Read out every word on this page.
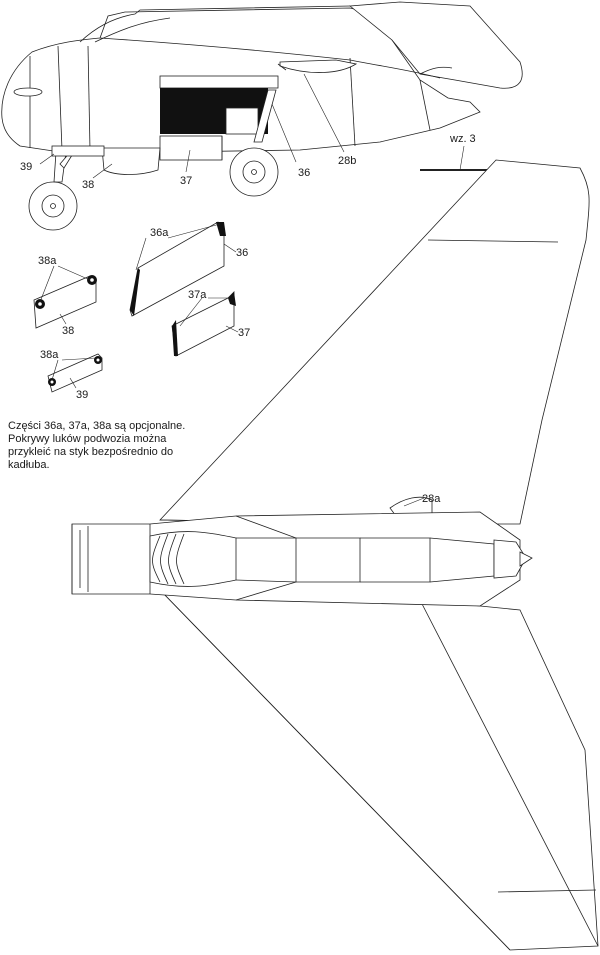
39
38	37
36
28b
wz. 3
36a
36
38a
38
37a
37
38a
39
28a
Części 36a, 37a, 38a są opcjonalne.
Pokrywy luków podwozia można
przykleić na styk bezpośrednio do
kadłuba.
